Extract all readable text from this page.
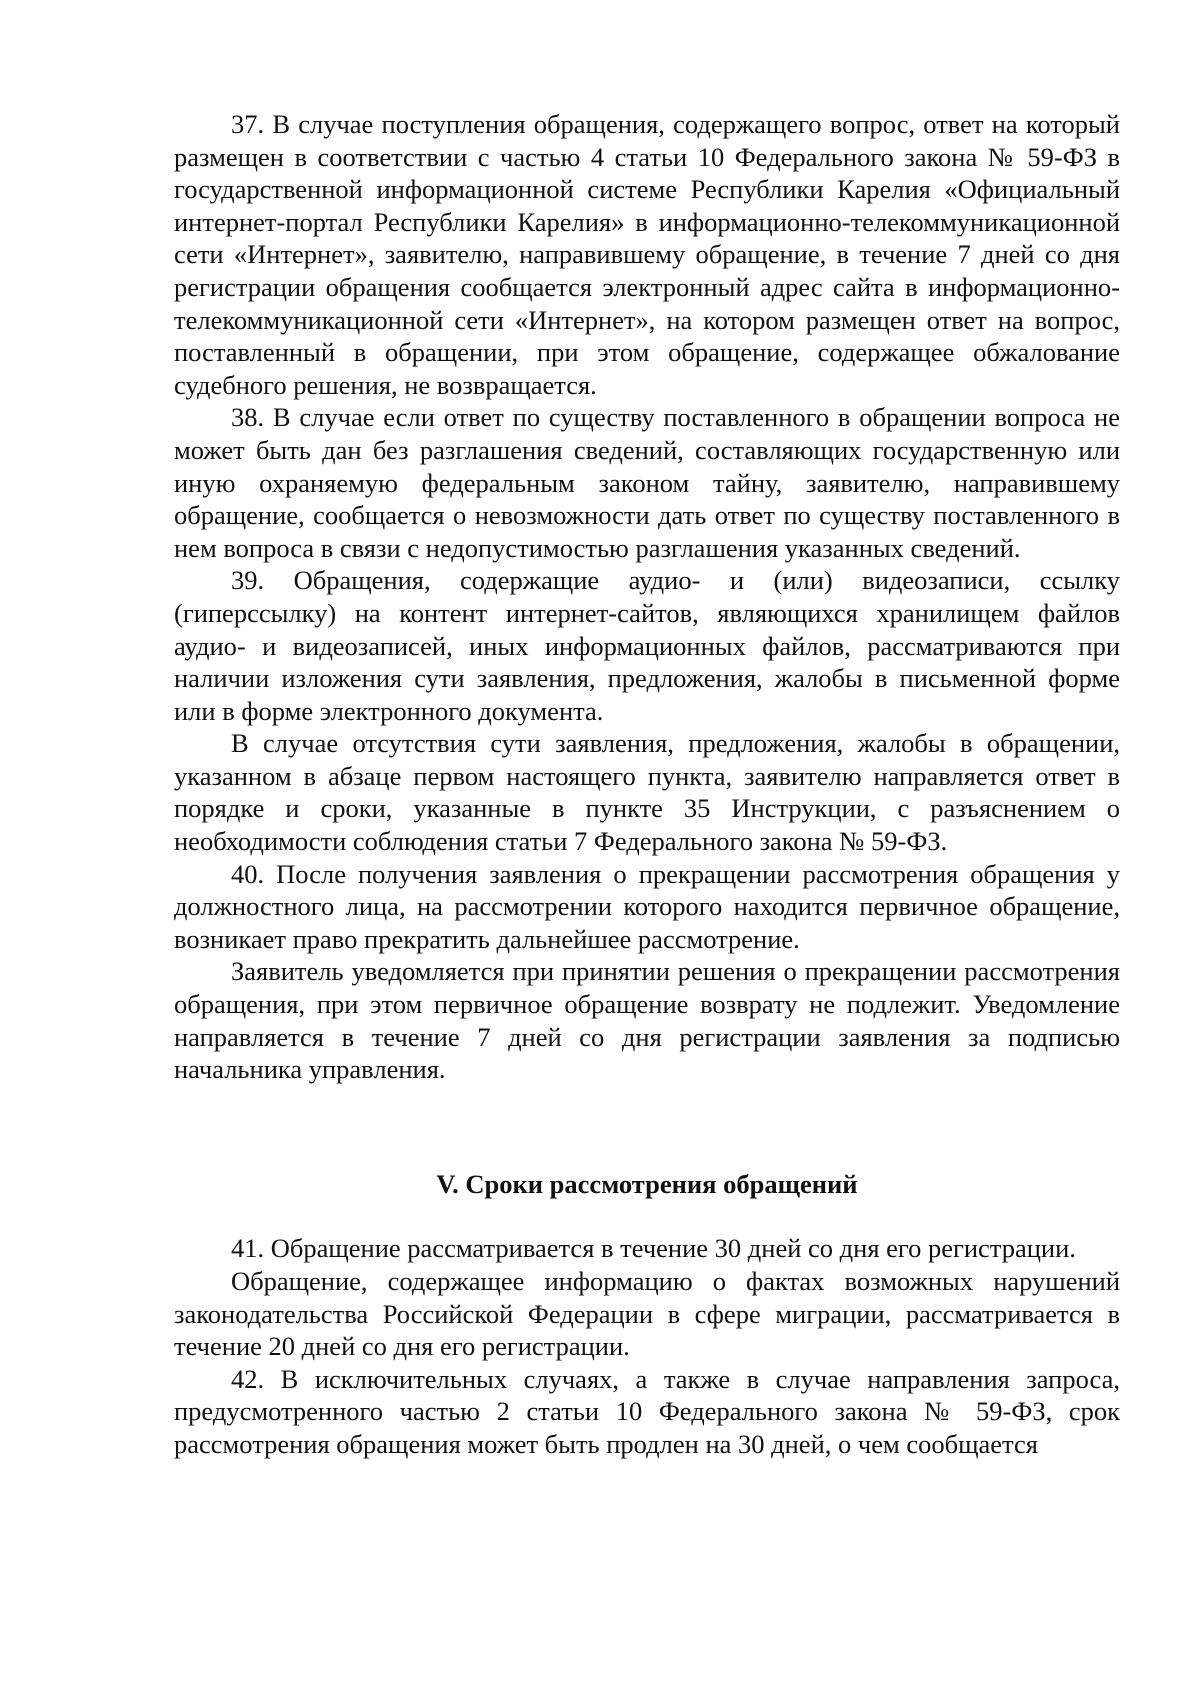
37. В случае поступления обращения, содержащего вопрос, ответ на который размещен в соответствии с частью 4 статьи 10 Федерального закона № 59-ФЗ в государственной информационной системе Республики Карелия «Официальный интернет-портал Республики Карелия» в информационно-телекоммуникационной сети «Интернет», заявителю, направившему обращение, в течение 7 дней со дня регистрации обращения сообщается электронный адрес сайта в информационно-телекоммуникационной сети «Интернет», на котором размещен ответ на вопрос, поставленный в обращении, при этом обращение, содержащее обжалование судебного решения, не возвращается.

38. В случае если ответ по существу поставленного в обращении вопроса не может быть дан без разглашения сведений, составляющих государственную или иную охраняемую федеральным законом тайну, заявителю, направившему обращение, сообщается о невозможности дать ответ по существу поставленного в нем вопроса в связи с недопустимостью разглашения указанных сведений.

39. Обращения, содержащие аудио- и (или) видеозаписи, ссылку (гиперссылку) на контент интернет-сайтов, являющихся хранилищем файлов аудио- и видеозаписей, иных информационных файлов, рассматриваются при наличии изложения сути заявления, предложения, жалобы в письменной форме или в форме электронного документа.

В случае отсутствия сути заявления, предложения, жалобы в обращении, указанном в абзаце первом настоящего пункта, заявителю направляется ответ в порядке и сроки, указанные в пункте 35 Инструкции, с разъяснением о необходимости соблюдения статьи 7 Федерального закона № 59-ФЗ.

40. После получения заявления о прекращении рассмотрения обращения у должностного лица, на рассмотрении которого находится первичное обращение, возникает право прекратить дальнейшее рассмотрение.

Заявитель уведомляется при принятии решения о прекращении рассмотрения обращения, при этом первичное обращение возврату не подлежит. Уведомление направляется в течение 7 дней со дня регистрации заявления за подписью начальника управления.

V. Сроки рассмотрения обращений

41. Обращение рассматривается в течение 30 дней со дня его регистрации.

Обращение, содержащее информацию о фактах возможных нарушений законодательства Российской Федерации в сфере миграции, рассматривается в течение 20 дней со дня его регистрации.

42. В исключительных случаях, а также в случае направления запроса, предусмотренного частью 2 статьи 10 Федерального закона № 59-ФЗ, срок рассмотрения обращения может быть продлен на 30 дней, о чем сообщается
